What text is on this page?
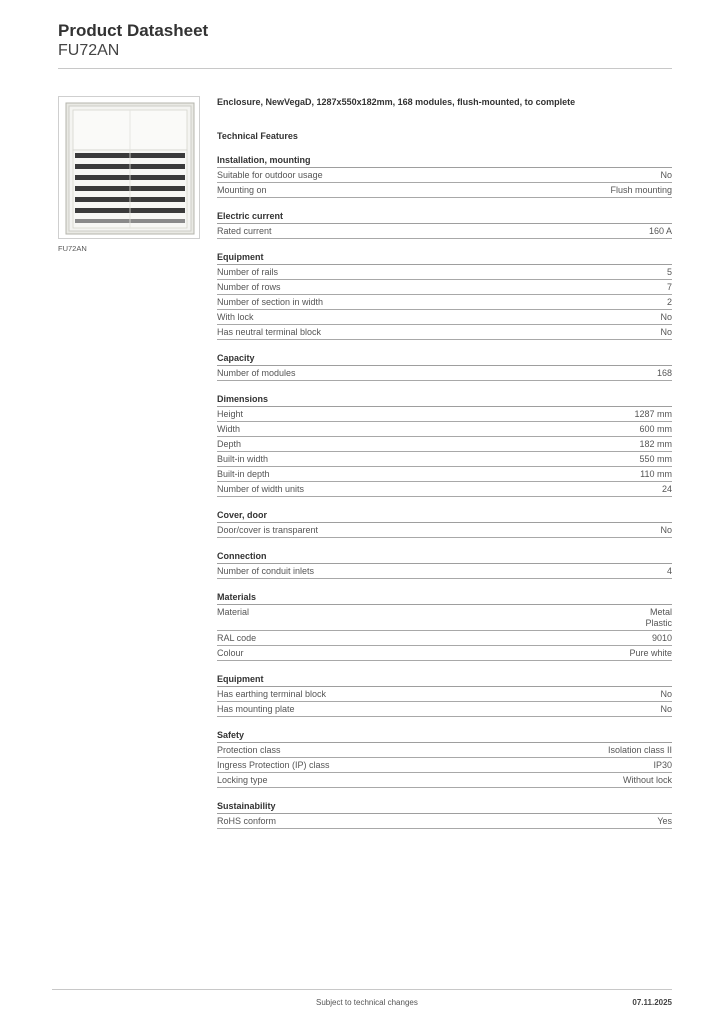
Product Datasheet
FU72AN
FU72AN
Enclosure, NewVegaD, 1287x550x182mm, 168 modules, flush-mounted, to complete
Technical Features
Installation, mounting
Suitable for outdoor usage	No
Mounting on	Flush mounting
Electric current
Rated current	160 A
Equipment
Number of rails	5
Number of rows	7
Number of section in width	2
With lock	No
Has neutral terminal block	No
Capacity
Number of modules	168
Dimensions
Height	1287 mm
Width	600 mm
Depth	182 mm
Built-in width	550 mm
Built-in depth	110 mm
Number of width units	24
Cover, door
Door/cover is transparent	No
Connection
Number of conduit inlets	4
Materials
Material	Metal
Plastic
RAL code	9010
Colour	Pure white
Equipment
Has earthing terminal block	No
Has mounting plate	No
Safety
Protection class	Isolation class II
Ingress Protection (IP) class	IP30
Locking type	Without lock
Sustainability
RoHS conform	Yes
Subject to technical changes	07.11.2025
